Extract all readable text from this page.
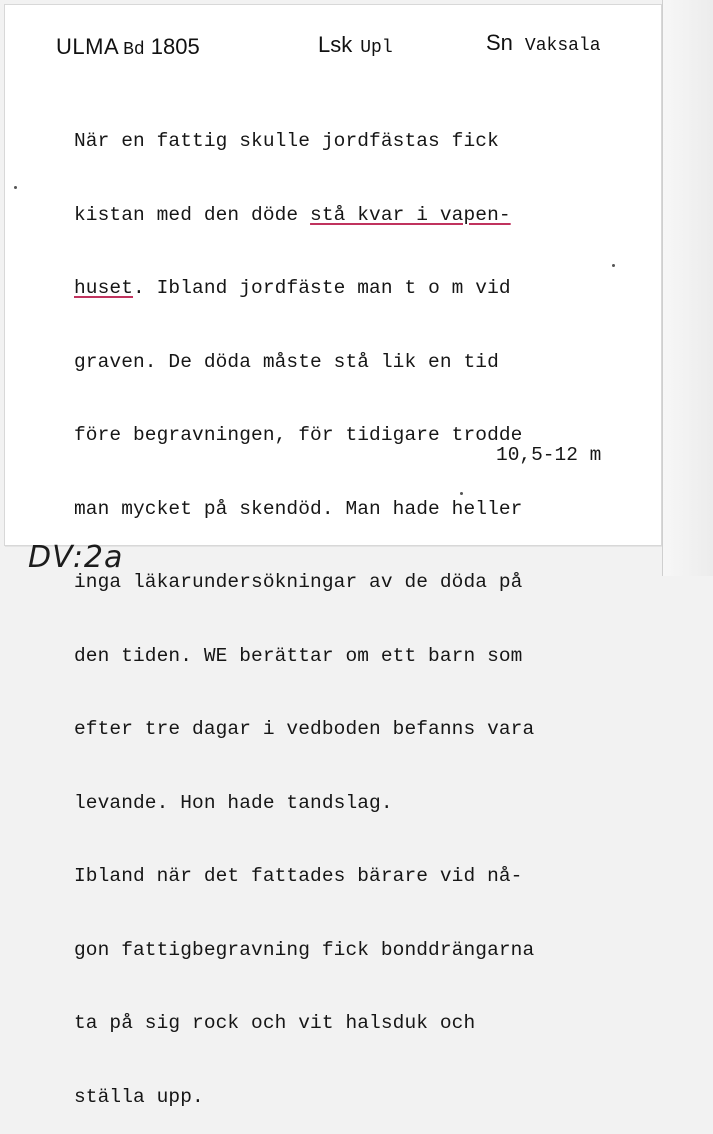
ULMA Bd 1805	Lsk Upl	Sn Vaksala

När en fattig skulle jordfästas fick

kistan med den döde stå kvar i vapen-

huset. Ibland jordfäste man t o m vid

graven. De döda måste stå lik en tid

före begravningen, för tidigare trodde

man mycket på skendöd. Man hade heller

inga läkarundersökningar av de döda på

den tiden. WE berättar om ett barn som

efter tre dagar i vedboden befanns vara

levande. Hon hade tandslag.

Ibland när det fattades bärare vid nå-

gon fattigbegravning fick bonddrängarna

ta på sig rock och vit halsduk och

ställa upp.

10,5-12 m
DV:2a
